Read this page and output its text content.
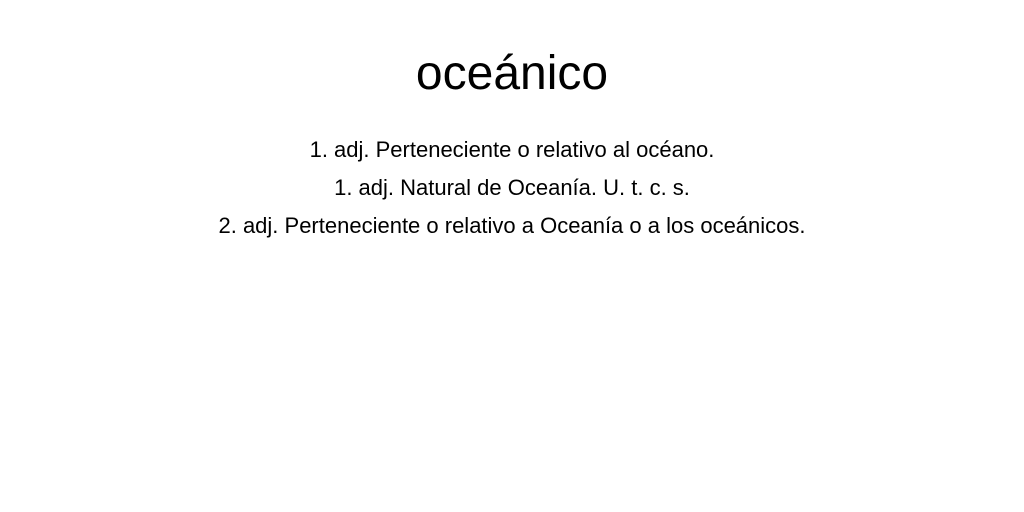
oceánico
1. adj. Perteneciente o relativo al océano.
1. adj. Natural de Oceanía. U. t. c. s.
2. adj. Perteneciente o relativo a Oceanía o a los oceánicos.
